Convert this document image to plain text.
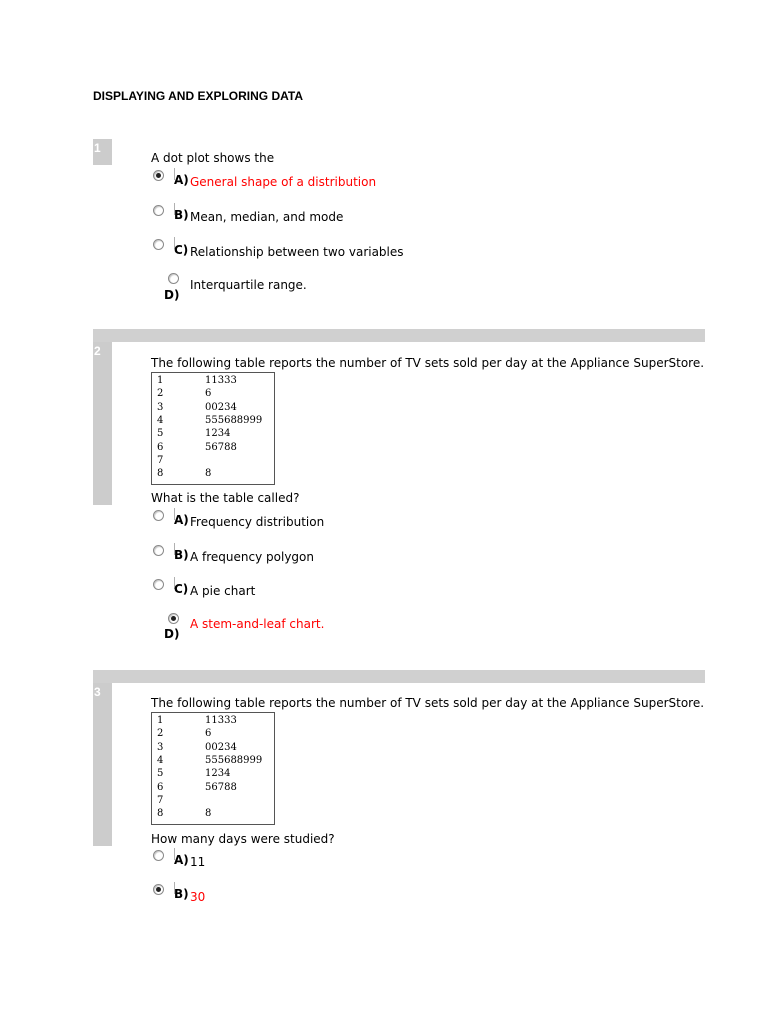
DISPLAYING AND EXPLORING DATA
1
A dot plot shows the
A) General shape of a distribution
B) Mean, median, and mode
C) Relationship between two variables
D)
Interquartile range.
2
The following table reports the number of TV sets sold per day at the Appliance SuperStore.
1	11333
2	6
3	00234
4	555688999
5	1234
6	56788
7
8	8
What is the table called?
A) Frequency distribution
B) A frequency polygon
C) A pie chart
D)
A stem-and-leaf chart.
3
The following table reports the number of TV sets sold per day at the Appliance SuperStore.
1	11333
2	6
3	00234
4	555688999
5	1234
6	56788
7
8	8
How many days were studied?
A) 11
B) 30
